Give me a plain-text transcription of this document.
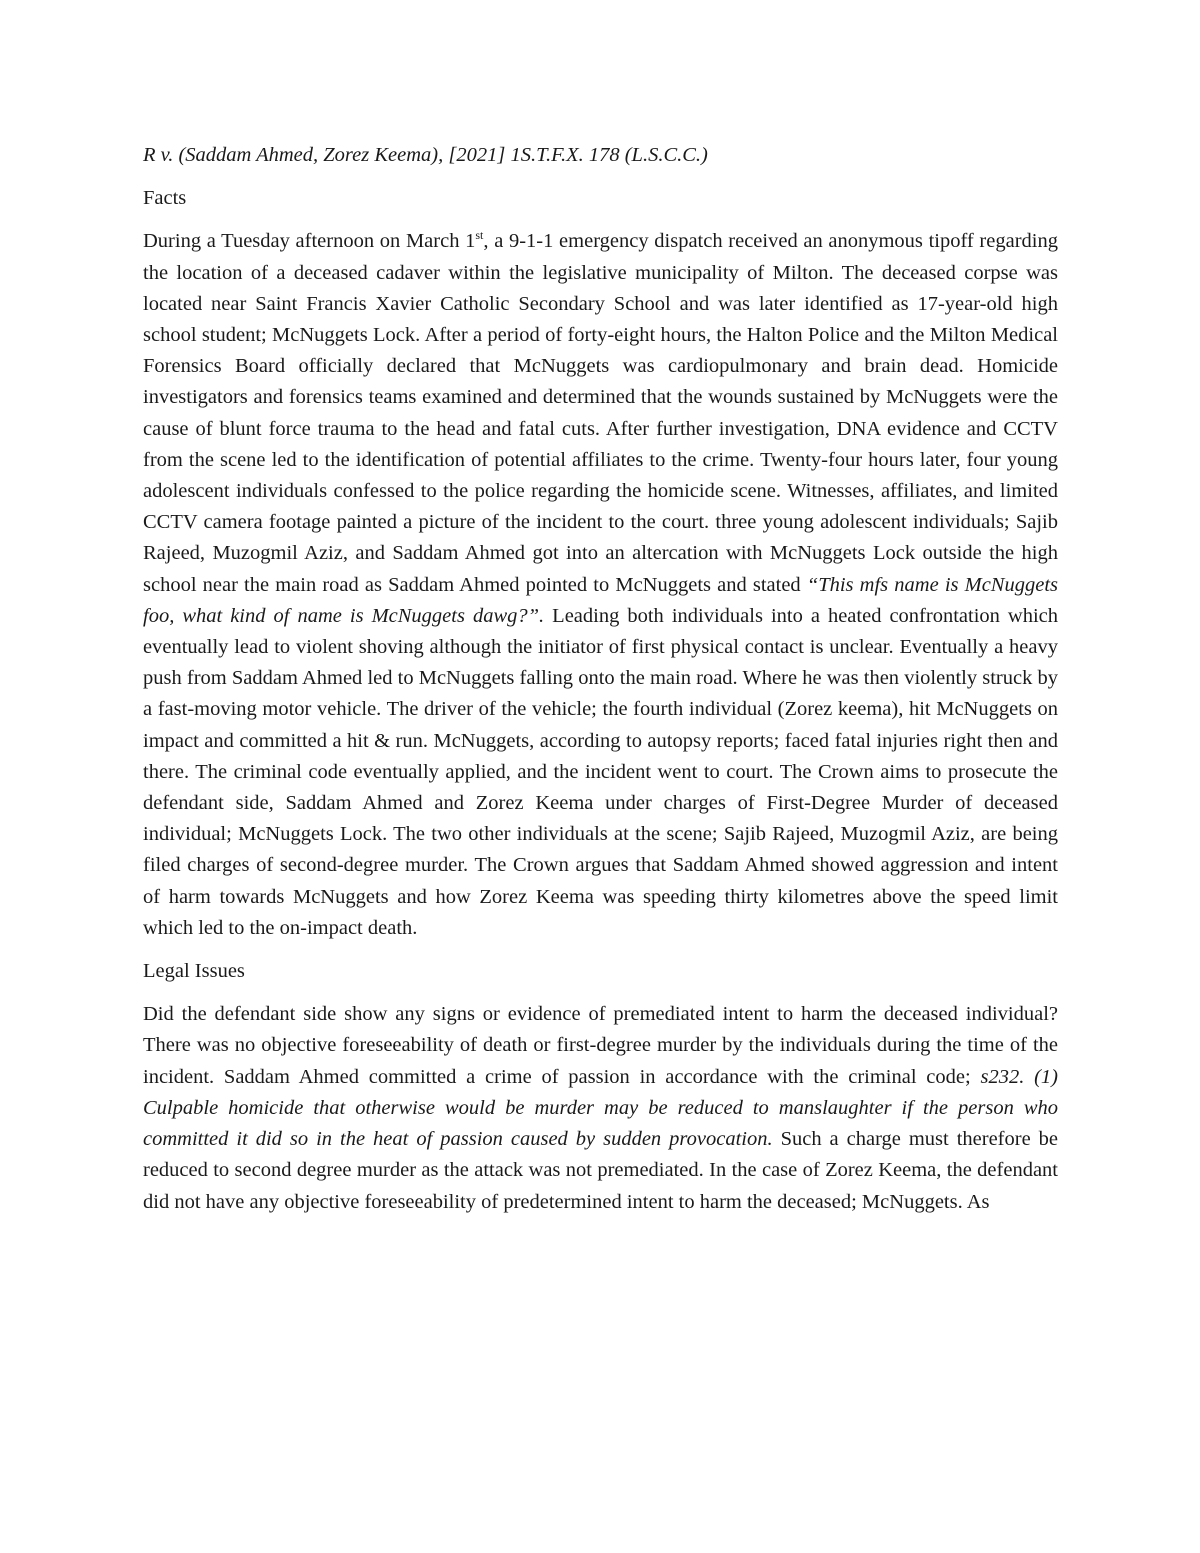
R v. (Saddam Ahmed, Zorez Keema), [2021] 1S.T.F.X. 178 (L.S.C.C.)

Facts

During a Tuesday afternoon on March 1st, a 9-1-1 emergency dispatch received an anonymous tipoff regarding the location of a deceased cadaver within the legislative municipality of Milton. The deceased corpse was located near Saint Francis Xavier Catholic Secondary School and was later identified as 17-year-old high school student; McNuggets Lock. After a period of forty-eight hours, the Halton Police and the Milton Medical Forensics Board officially declared that McNuggets was cardiopulmonary and brain dead. Homicide investigators and forensics teams examined and determined that the wounds sustained by McNuggets were the cause of blunt force trauma to the head and fatal cuts. After further investigation, DNA evidence and CCTV from the scene led to the identification of potential affiliates to the crime. Twenty-four hours later, four young adolescent individuals confessed to the police regarding the homicide scene. Witnesses, affiliates, and limited CCTV camera footage painted a picture of the incident to the court. three young adolescent individuals; Sajib Rajeed, Muzogmil Aziz, and Saddam Ahmed got into an altercation with McNuggets Lock outside the high school near the main road as Saddam Ahmed pointed to McNuggets and stated “This mfs name is McNuggets foo, what kind of name is McNuggets dawg?”. Leading both individuals into a heated confrontation which eventually lead to violent shoving although the initiator of first physical contact is unclear. Eventually a heavy push from Saddam Ahmed led to McNuggets falling onto the main road. Where he was then violently struck by a fast-moving motor vehicle. The driver of the vehicle; the fourth individual (Zorez keema), hit McNuggets on impact and committed a hit & run. McNuggets, according to autopsy reports; faced fatal injuries right then and there. The criminal code eventually applied, and the incident went to court. The Crown aims to prosecute the defendant side, Saddam Ahmed and Zorez Keema under charges of First-Degree Murder of deceased individual; McNuggets Lock. The two other individuals at the scene; Sajib Rajeed, Muzogmil Aziz, are being filed charges of second-degree murder. The Crown argues that Saddam Ahmed showed aggression and intent of harm towards McNuggets and how Zorez Keema was speeding thirty kilometres above the speed limit which led to the on-impact death.

Legal Issues

Did the defendant side show any signs or evidence of premediated intent to harm the deceased individual? There was no objective foreseeability of death or first-degree murder by the individuals during the time of the incident. Saddam Ahmed committed a crime of passion in accordance with the criminal code; s232. (1) Culpable homicide that otherwise would be murder may be reduced to manslaughter if the person who committed it did so in the heat of passion caused by sudden provocation. Such a charge must therefore be reduced to second degree murder as the attack was not premediated. In the case of Zorez Keema, the defendant did not have any objective foreseeability of predetermined intent to harm the deceased; McNuggets. As
